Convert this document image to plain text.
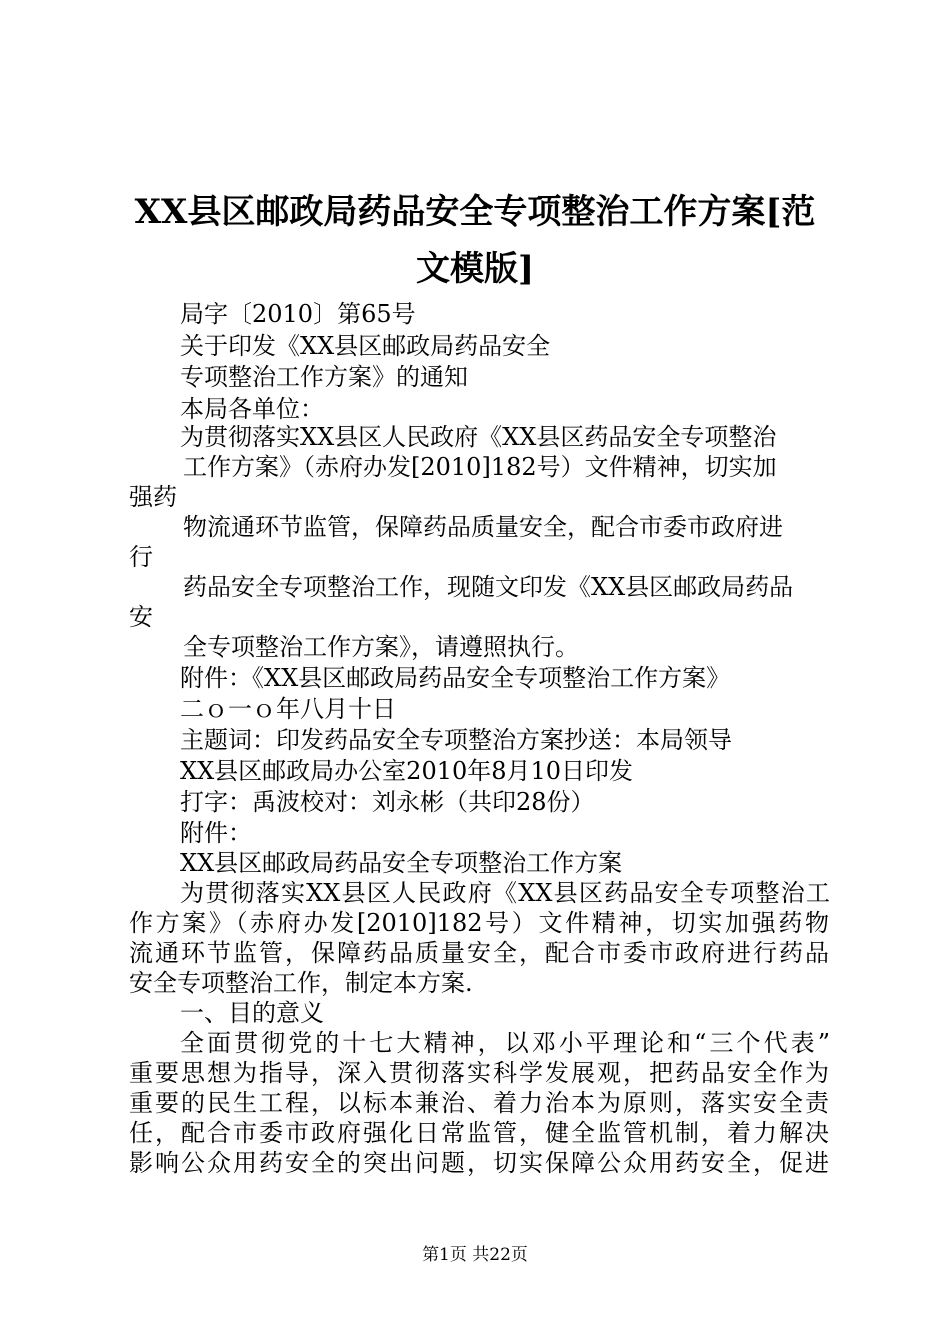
XX县区邮政局药品安全专项整治工作方案[范
文模版]
局字〔2010〕第65号
关于印发《XX县区邮政局药品安全
专项整治工作方案》的通知
本局各单位：
为贯彻落实XX县区人民政府《XX县区药品安全专项整治
工作方案》（赤府办发[2010]182号）文件精神，切实加
强药
物流通环节监管，保障药品质量安全，配合市委市政府进
行
药品安全专项整治工作，现随文印发《XX县区邮政局药品
安
全专项整治工作方案》，请遵照执行。
附件：《XX县区邮政局药品安全专项整治工作方案》
二ｏ一ｏ年八月十日
主题词：印发药品安全专项整治方案抄送：本局领导
XX县区邮政局办公室2010年8月10日印发
打字：禹波校对：刘永彬（共印28份）
附件：
XX县区邮政局药品安全专项整治工作方案
为贯彻落实XX县区人民政府《XX县区药品安全专项整治工
作方案》（赤府办发[2010]182号）文件精神，切实加强药物
流通环节监管，保障药品质量安全，配合市委市政府进行药品
安全专项整治工作，制定本方案.
一、目的意义
全面贯彻党的十七大精神，以邓小平理论和“三个代表”
重要思想为指导，深入贯彻落实科学发展观，把药品安全作为
重要的民生工程，以标本兼治、着力治本为原则，落实安全责
任，配合市委市政府强化日常监管，健全监管机制，着力解决
影响公众用药安全的突出问题，切实保障公众用药安全，促进
第1页 共22页
